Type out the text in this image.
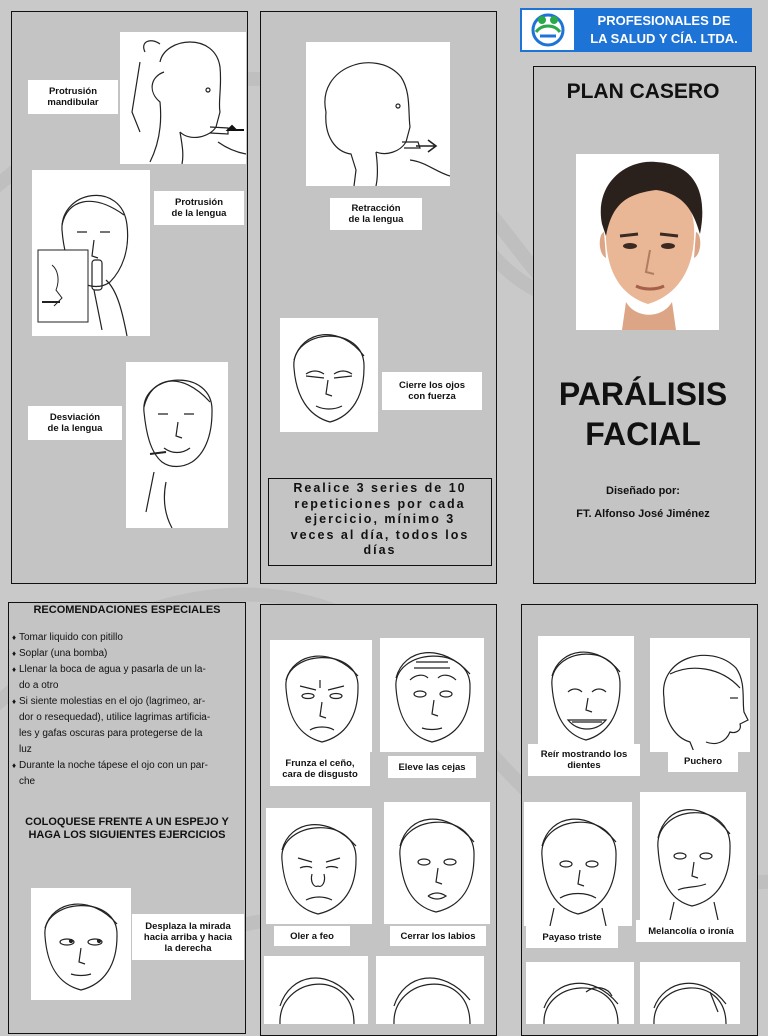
Protrusión
mandibular
Protrusión
de la lengua
Desviación
de la lengua
Retracción
de la lengua
Cierre los ojos
con fuerza
Realice 3 series de 10
repeticiones por cada
ejercicio, mínimo 3
veces al día, todos los
días
PROFESIONALES DE
LA SALUD Y CÍA. LTDA.
PLAN CASERO
PARÁLISIS
FACIAL
Diseñado por:
FT. Alfonso José Jiménez
RECOMENDACIONES ESPECIALES
♦ Tomar liquido con pitillo
♦ Soplar (una bomba)
♦ Llenar la boca de agua y pasarla de un la-
do a otro
♦ Si siente molestias en el ojo (lagrimeo, ar-
dor o resequedad), utilice lagrimas artificia-
les y gafas oscuras para protegerse de la
luz
♦ Durante la noche tápese el ojo con un par-
che
COLOQUESE FRENTE A UN ESPEJO Y
HAGA LOS SIGUIENTES EJERCICIOS
Desplaza la mirada
hacia arriba y hacia
la derecha
Frunza el ceño,
cara de disgusto
Eleve las cejas
Oler a feo	Cerrar los labios
Reír mostrando los
dientes	Puchero
Payaso triste
Melancolía o ironía
